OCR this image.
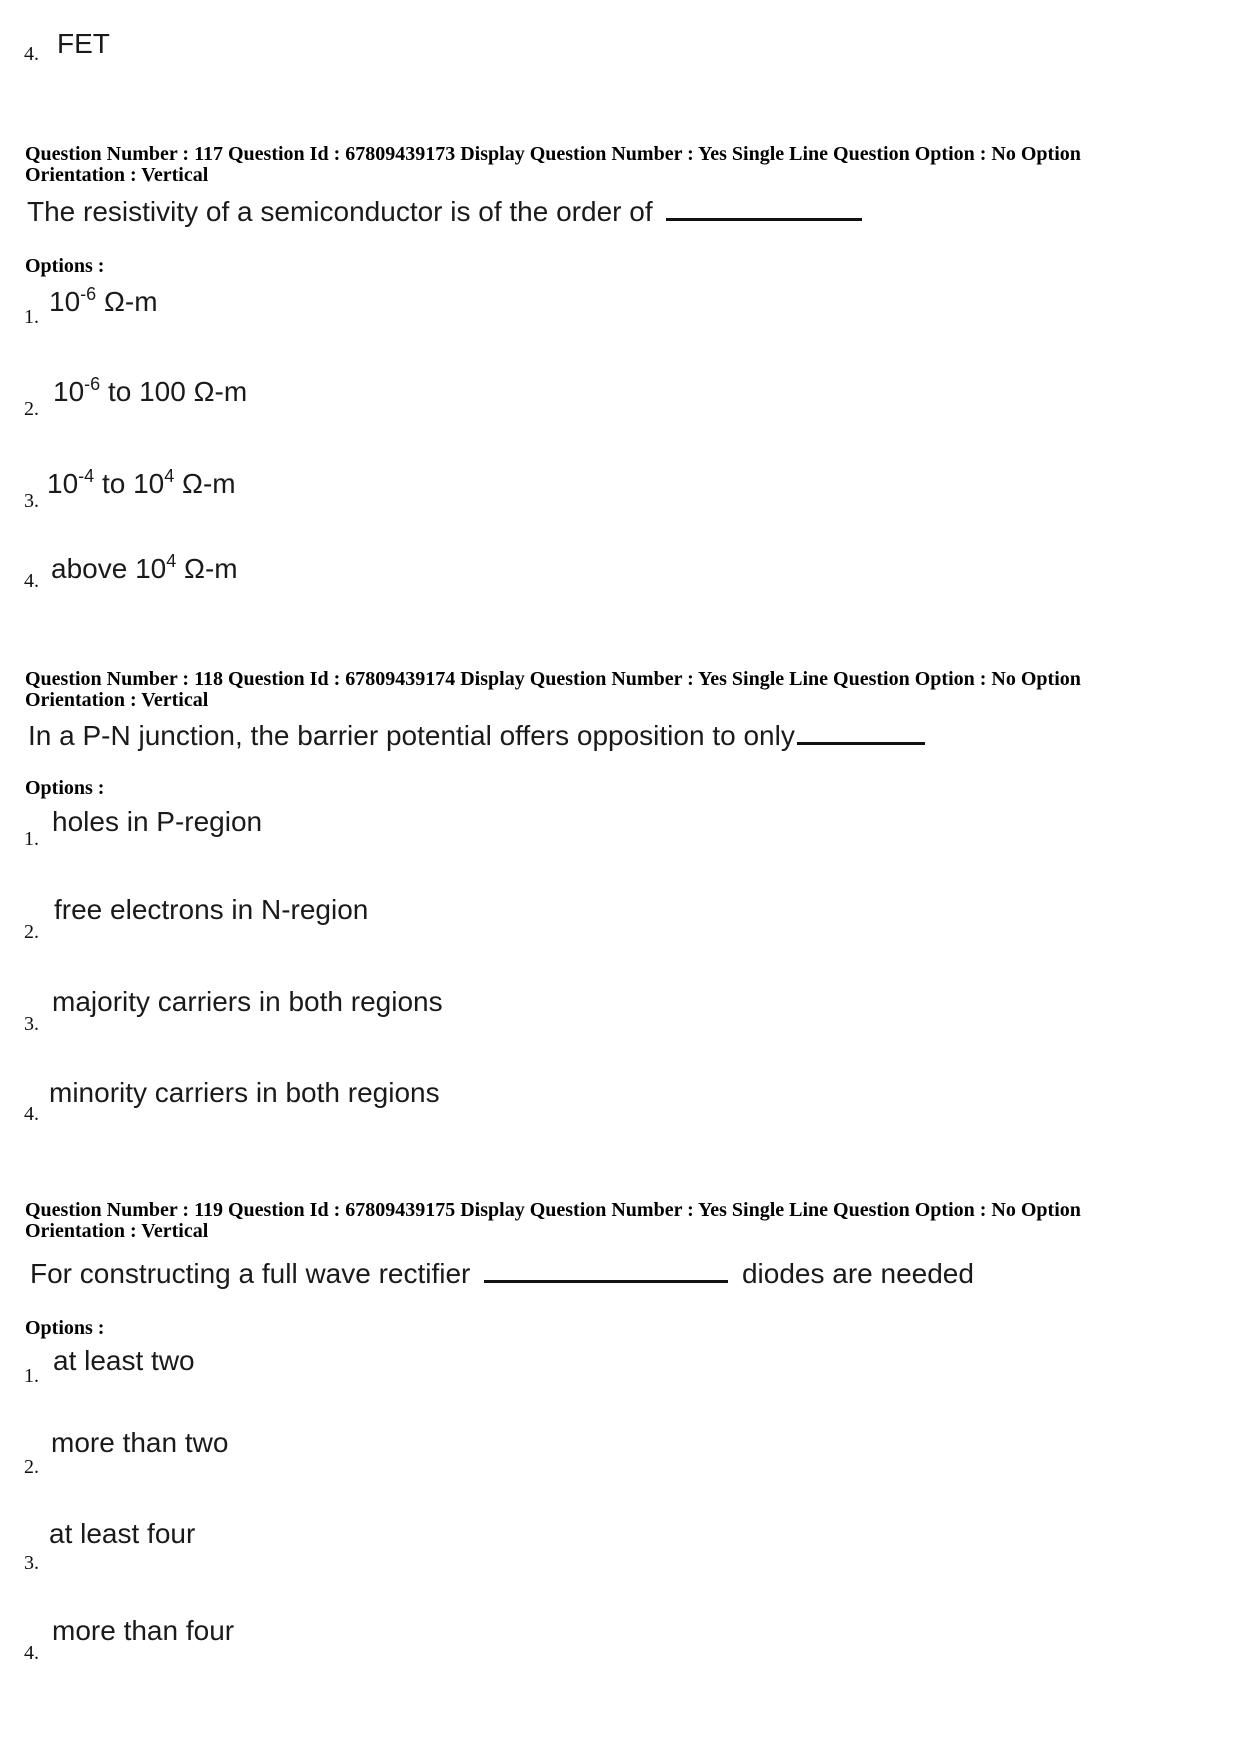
4. FET
Question Number : 117 Question Id : 67809439173 Display Question Number : Yes Single Line Question Option : No Option
Orientation : Vertical
The resistivity of a semiconductor is of the order of
Options :
1. $10^{-6}$ Ω-m
2.
$10^{-6}$ to 100 Ω-m
3.
$10^{-4}$ to $10^4$ Ω-m
4. above $10^4$ Ω-m
Question Number : 118 Question Id : 67809439174 Display Question Number : Yes Single Line Question Option : No Option
Orientation : Vertical
In a P-N junction, the barrier potential offers opposition to only
Options :
1.
holes in P-region
2.
free electrons in N-region
3.
majority carriers in both regions
4.
minority carriers in both regions
Question Number : 119 Question Id : 67809439175 Display Question Number : Yes Single Line Question Option : No Option
Orientation : Vertical
For constructing a full wave rectifier	diodes are needed
Options :
1. at least two
2.
more than two
3.
at least four
4.
more than four
